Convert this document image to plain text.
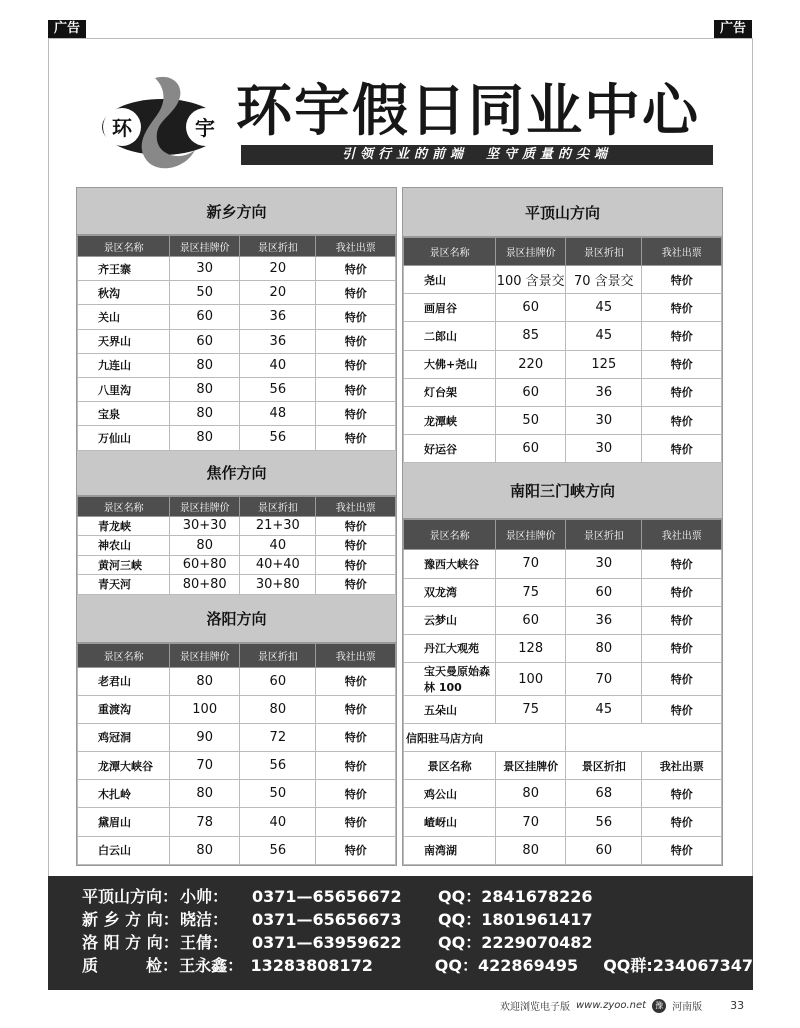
广告	广告
环	宇 环宇假日同业中心
引领行业的前端　坚守质量的尖端
新乡方向
景区名称	景区挂牌价	景区折扣	我社出票
齐王寨	30	20	特价
秋沟	50	20	特价
关山	60	36	特价
天界山	60	36	特价
九连山	80	40	特价
八里沟	80	56	特价
宝泉	80	48	特价
万仙山	80	56	特价
焦作方向
景区名称	景区挂牌价	景区折扣	我社出票
青龙峡	30+30	21+30	特价
神农山	80	40	特价
黄河三峡	60+80	40+40	特价
青天河	80+80	30+80	特价
洛阳方向
景区名称	景区挂牌价	景区折扣	我社出票
老君山	80	60	特价
重渡沟	100	80	特价
鸡冠洞	90	72	特价
龙潭大峡谷	70	56	特价
木扎岭	80	50	特价
黛眉山	78	40	特价
白云山	80	56	特价
平顶山方向
景区名称	景区挂牌价	景区折扣	我社出票
尧山	100 含景交	70 含景交	特价
画眉谷	60	45	特价
二郎山	85	45	特价
大佛+尧山	220	125	特价
灯台架	60	36	特价
龙潭峡	50	30	特价
好运谷	60	30	特价
南阳三门峡方向
景区名称	景区挂牌价	景区折扣	我社出票
豫西大峡谷	70	30	特价
双龙湾	75	60	特价
云梦山	60	36	特价
丹江大观苑	128	80	特价
宝天曼原始森林 100	100	70	特价
五朵山	75	45	特价
信阳驻马店方向			
景区名称	景区挂牌价	景区折扣	我社出票
鸡公山	80	68	特价
嵖岈山	70	56	特价
南湾湖	80	60	特价
平顶山方向： 小帅：	0371—65656672	QQ：2841678226
新 乡 方 向： 晓洁：	0371—65656673	QQ：1801961417
洛 阳 方 向： 王倩：	0371—63959622	QQ：2229070482
质　　　检： 王永鑫： 13283808172	QQ：422869495	QQ群:234067347
欢迎浏览电子版 www.zyoo.net	豫 河南版	33
